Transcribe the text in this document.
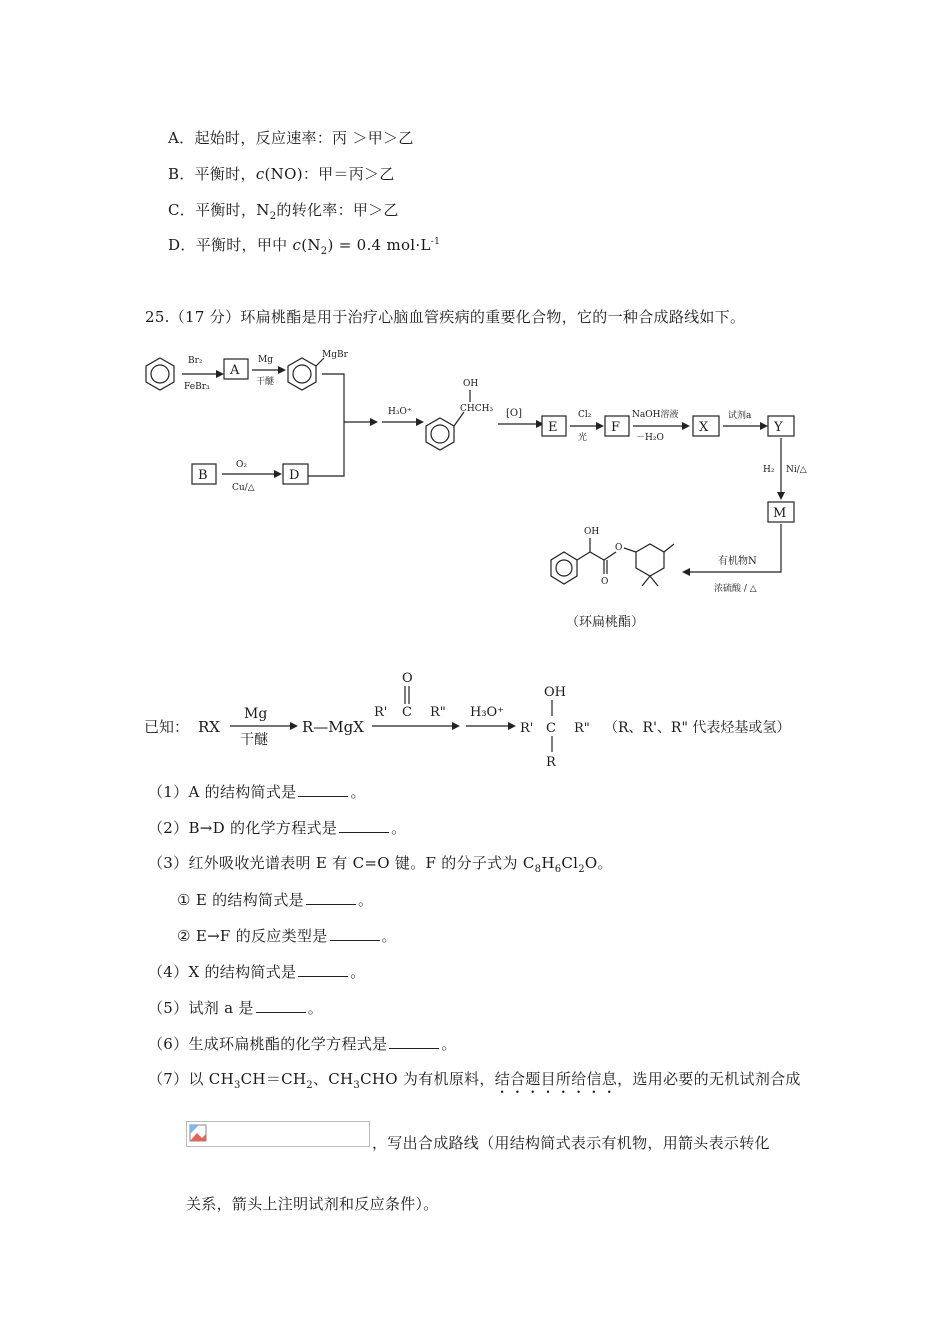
A．起始时，反应速率：丙 ＞甲＞乙
B．平衡时，c(NO)：甲＝丙＞乙
C．平衡时，$N_2$的转化率：甲＞乙
D．平衡时，甲中 $c(N_2) = 0.4$ $mol\cdot L^{-1}$
25.（17 分）环扁桃酯是用于治疗心脑血管疾病的重要化合物，它的一种合成路线如下。
Br₂
FeBr₃
A
Mg
干醚
MgBr
B
O₂
Cu/△
D
H₃O⁺	CHCH₃
OH
[O]
E
Cl₂
光
F
NaOH溶液
－H₂O
X
试剂a
Y
H₂ Ni/△
M
有机物N
浓硫酸 / △
OH
O
O
（环扁桃酯）
已知： RX
Mg
干醚
R—MgX
O
R' C R" H₃O⁺
OH
R' C R"
R
（R、R'、R" 代表烃基或氢）
（1）A 的结构简式是	。
（2）B→D 的化学方程式是	。
（3）红外吸收光谱表明 E 有 C=O 键。F 的分子式为 $C_8H_6Cl_2O$。
① E 的结构简式是	。
② E→F 的反应类型是	。
（4）X 的结构简式是	。
（5）试剂 a 是	。
（6）生成环扁桃酯的化学方程式是	。
（7）以 $CH_3CH=CH_2$、$CH_3CHO$ 为有机原料，结合题目所给信息，选用必要的无机试剂合成
，写出合成路线（用结构简式表示有机物，用箭头表示转化
关系，箭头上注明试剂和反应条件）。
